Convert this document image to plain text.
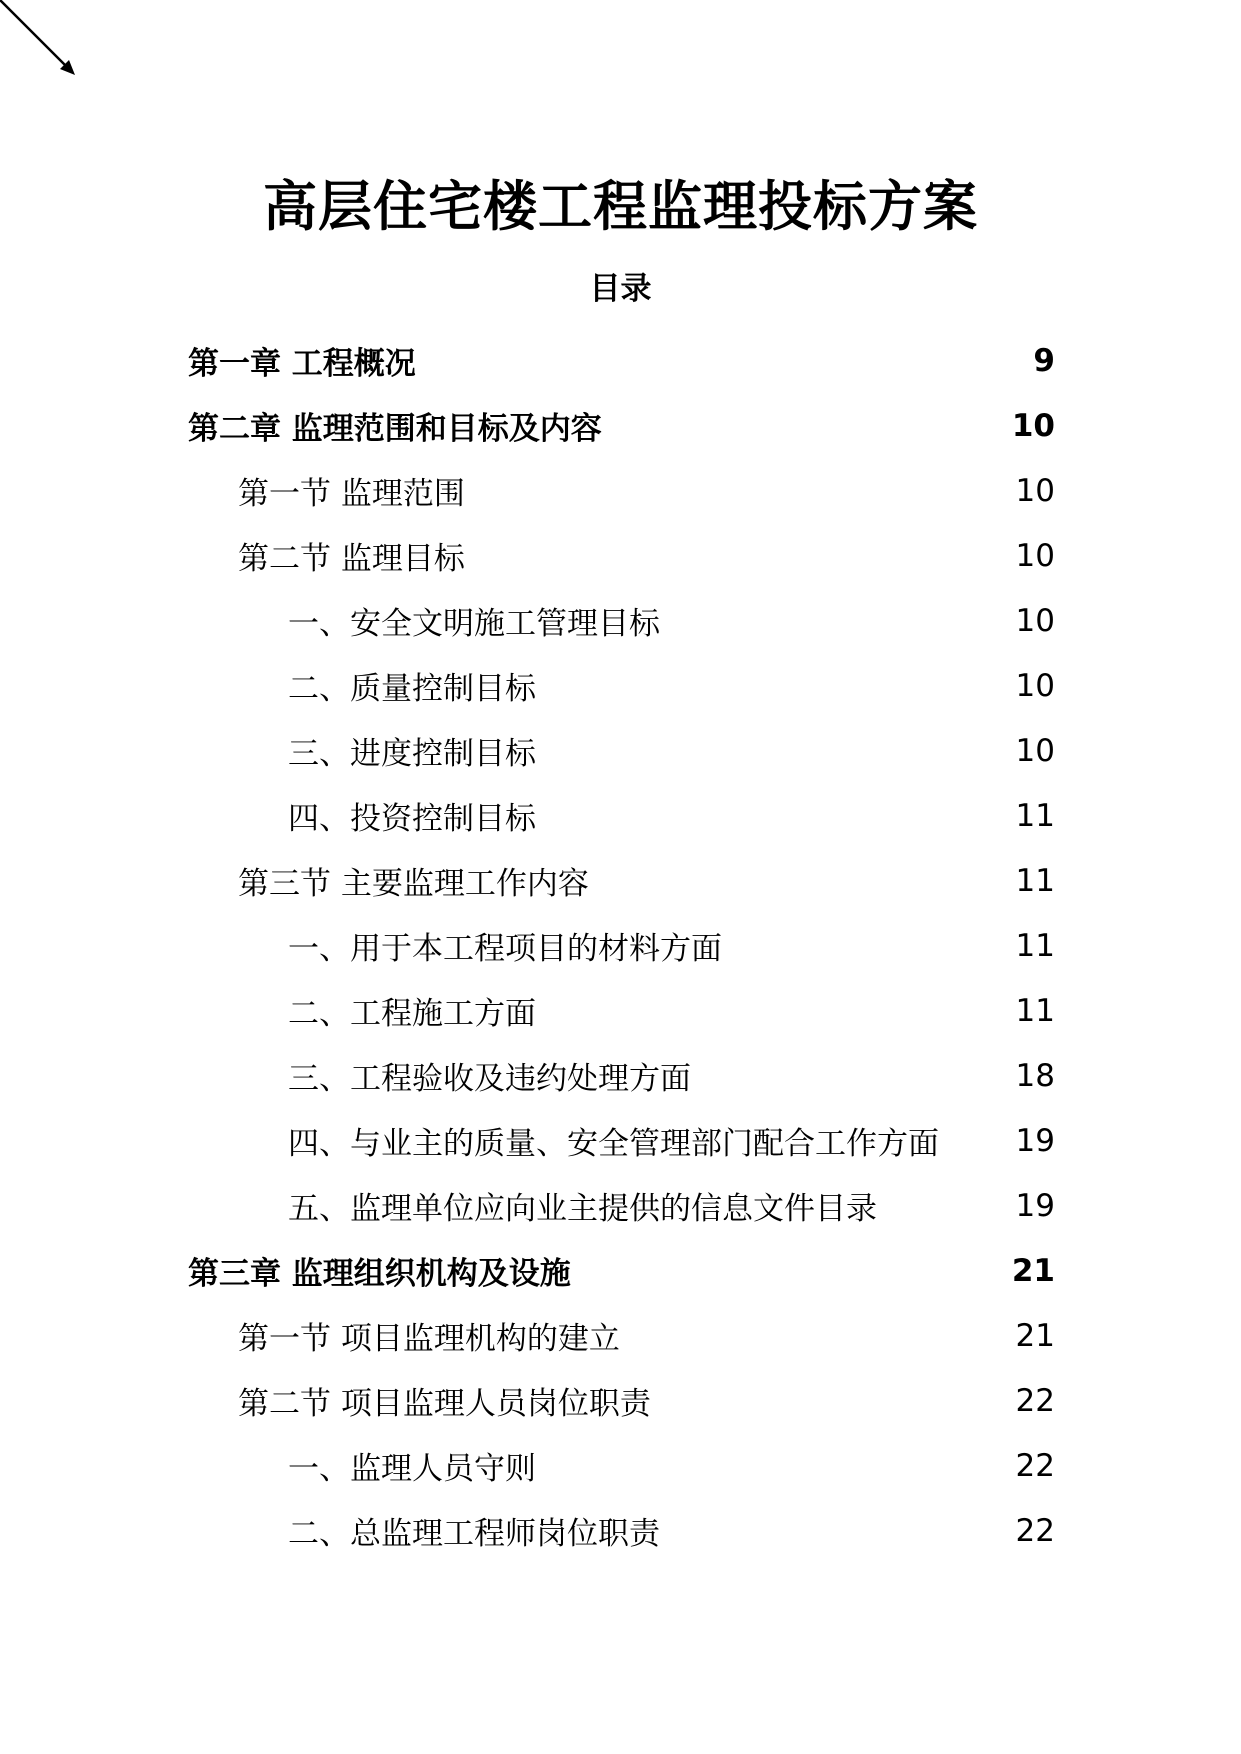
高层住宅楼工程监理投标方案
目录
第一章 工程概况	9
第二章 监理范围和目标及内容	10
第一节 监理范围	10
第二节 监理目标	10
一、安全文明施工管理目标	10
二、质量控制目标	10
三、进度控制目标	10
四、投资控制目标	11
第三节 主要监理工作内容	11
一、用于本工程项目的材料方面	11
二、工程施工方面	11
三、工程验收及违约处理方面	18
四、与业主的质量、安全管理部门配合工作方面 19
五、监理单位应向业主提供的信息文件目录	19
第三章 监理组织机构及设施	21
第一节 项目监理机构的建立	21
第二节 项目监理人员岗位职责	22
一、监理人员守则	22
二、总监理工程师岗位职责	22
